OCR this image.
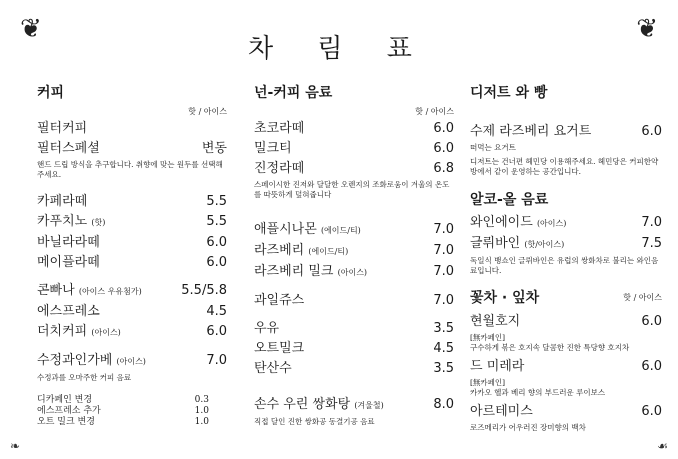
❦	❦
차 림 표
❧	☙
커피
핫 / 아이스
필터커피
필터스페셜	변동
핸드 드립 방식을 추구합니다. 취향에 맞는 원두를 선택해 주세요.
카페라떼	5.5
카푸치노 (핫)	5.5
바닐라라떼	6.0
메이플라떼	6.0
콘빠나 (아이스 우유첨가)	5.5/5.8
에스프레소	4.5
더치커피 (아이스)	6.0
수정과인가베 (아이스)	7.0
수정과를 오마주한 커피 음료
디카페인 변경	0.3
에스프레소 추가	1.0
오트 밀크 변경	1.0
넌-커피 음료
핫 / 아이스
초코라떼	6.0
밀크티	6.0
진정라떼	6.8
스페이시한 진저와 달달한 오렌지의 조화로움이 겨울의 온도를 따뜻하게 덮혀줍니다
애플시나몬 (에이드/티)	7.0
라즈베리 (에이드/티)	7.0
라즈베리 밀크 (아이스)	7.0
과일쥬스	7.0
우유	3.5
오트밀크	4.5
탄산수	3.5
손수 우린 쌍화탕 (겨울철)	8.0
직접 달인 진한 쌍화공 동결기공 음료
디저트 와 빵
수제 라즈베리 요거트	6.0
떠먹는 요거트
디저트는 건너편 헤민당 이용해주세요. 헤민당은 커피한약방에서 같이 운영하는 공간입니다.
알코-올 음료
와인에이드 (아이스)	7.0
글뤼바인 (핫/아이스)	7.5
독일식 뱅쇼인 글뤼바인은 유럽의 쌍화차로 불리는 와인음료입니다.
꽃차 · 잎차	핫 / 아이스
현월호지	6.0
[無카페인]
구수하게 볶은 호지속 달콤한 진한 특당향 호지차
드 미레라	6.0
[無카페인]
카카오 헬과 베리 향의 부드러운 루이보스
아르테미스	6.0
로즈메리가 어우러진 장미향의 백차
